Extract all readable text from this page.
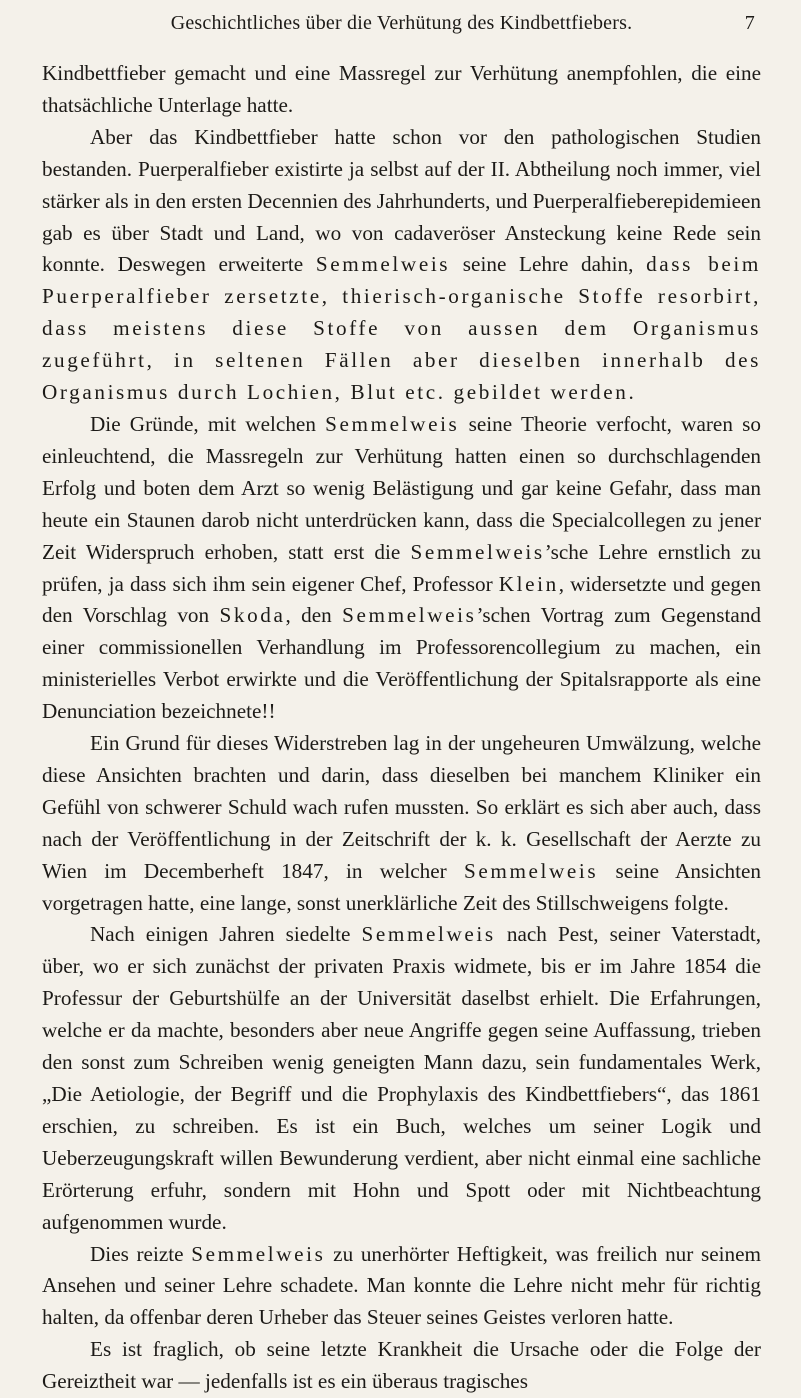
Geschichtliches über die Verhütung des Kindbettfiebers.	7

Kindbettfieber gemacht und eine Massregel zur Verhütung anempfohlen, die eine thatsächliche Unterlage hatte.

Aber das Kindbettfieber hatte schon vor den pathologischen Studien bestanden. Puerperalfieber existirte ja selbst auf der II. Abtheilung noch immer, viel stärker als in den ersten Decennien des Jahrhunderts, und Puerperalfieberepidemieen gab es über Stadt und Land, wo von cadaveröser Ansteckung keine Rede sein konnte. Deswegen erweiterte Semmelweis seine Lehre dahin, dass beim Puerperalfieber zersetzte, thierisch-organische Stoffe resorbirt, dass meistens diese Stoffe von aussen dem Organismus zugeführt, in seltenen Fällen aber dieselben innerhalb des Organismus durch Lochien, Blut etc. gebildet werden.

Die Gründe, mit welchen Semmelweis seine Theorie verfocht, waren so einleuchtend, die Massregeln zur Verhütung hatten einen so durchschlagenden Erfolg und boten dem Arzt so wenig Belästigung und gar keine Gefahr, dass man heute ein Staunen darob nicht unterdrücken kann, dass die Specialcollegen zu jener Zeit Widerspruch erhoben, statt erst die Semmelweis’sche Lehre ernstlich zu prüfen, ja dass sich ihm sein eigener Chef, Professor Klein, widersetzte und gegen den Vorschlag von Skoda, den Semmelweis’schen Vortrag zum Gegenstand einer commissionellen Verhandlung im Professorencollegium zu machen, ein ministerielles Verbot erwirkte und die Veröffentlichung der Spitalsrapporte als eine Denunciation bezeichnete!!

Ein Grund für dieses Widerstreben lag in der ungeheuren Umwälzung, welche diese Ansichten brachten und darin, dass dieselben bei manchem Kliniker ein Gefühl von schwerer Schuld wach rufen mussten. So erklärt es sich aber auch, dass nach der Veröffentlichung in der Zeitschrift der k. k. Gesellschaft der Aerzte zu Wien im Decemberheft 1847, in welcher Semmelweis seine Ansichten vorgetragen hatte, eine lange, sonst unerklärliche Zeit des Stillschweigens folgte.

Nach einigen Jahren siedelte Semmelweis nach Pest, seiner Vaterstadt, über, wo er sich zunächst der privaten Praxis widmete, bis er im Jahre 1854 die Professur der Geburtshülfe an der Universität daselbst erhielt. Die Erfahrungen, welche er da machte, besonders aber neue Angriffe gegen seine Auffassung, trieben den sonst zum Schreiben wenig geneigten Mann dazu, sein fundamentales Werk, „Die Aetiologie, der Begriff und die Prophylaxis des Kindbettfiebers“, das 1861 erschien, zu schreiben. Es ist ein Buch, welches um seiner Logik und Ueberzeugungskraft willen Bewunderung verdient, aber nicht einmal eine sachliche Erörterung erfuhr, sondern mit Hohn und Spott oder mit Nichtbeachtung aufgenommen wurde.

Dies reizte Semmelweis zu unerhörter Heftigkeit, was freilich nur seinem Ansehen und seiner Lehre schadete. Man konnte die Lehre nicht mehr für richtig halten, da offenbar deren Urheber das Steuer seines Geistes verloren hatte.

Es ist fraglich, ob seine letzte Krankheit die Ursache oder die Folge der Gereiztheit war — jedenfalls ist es ein überaus tragisches
